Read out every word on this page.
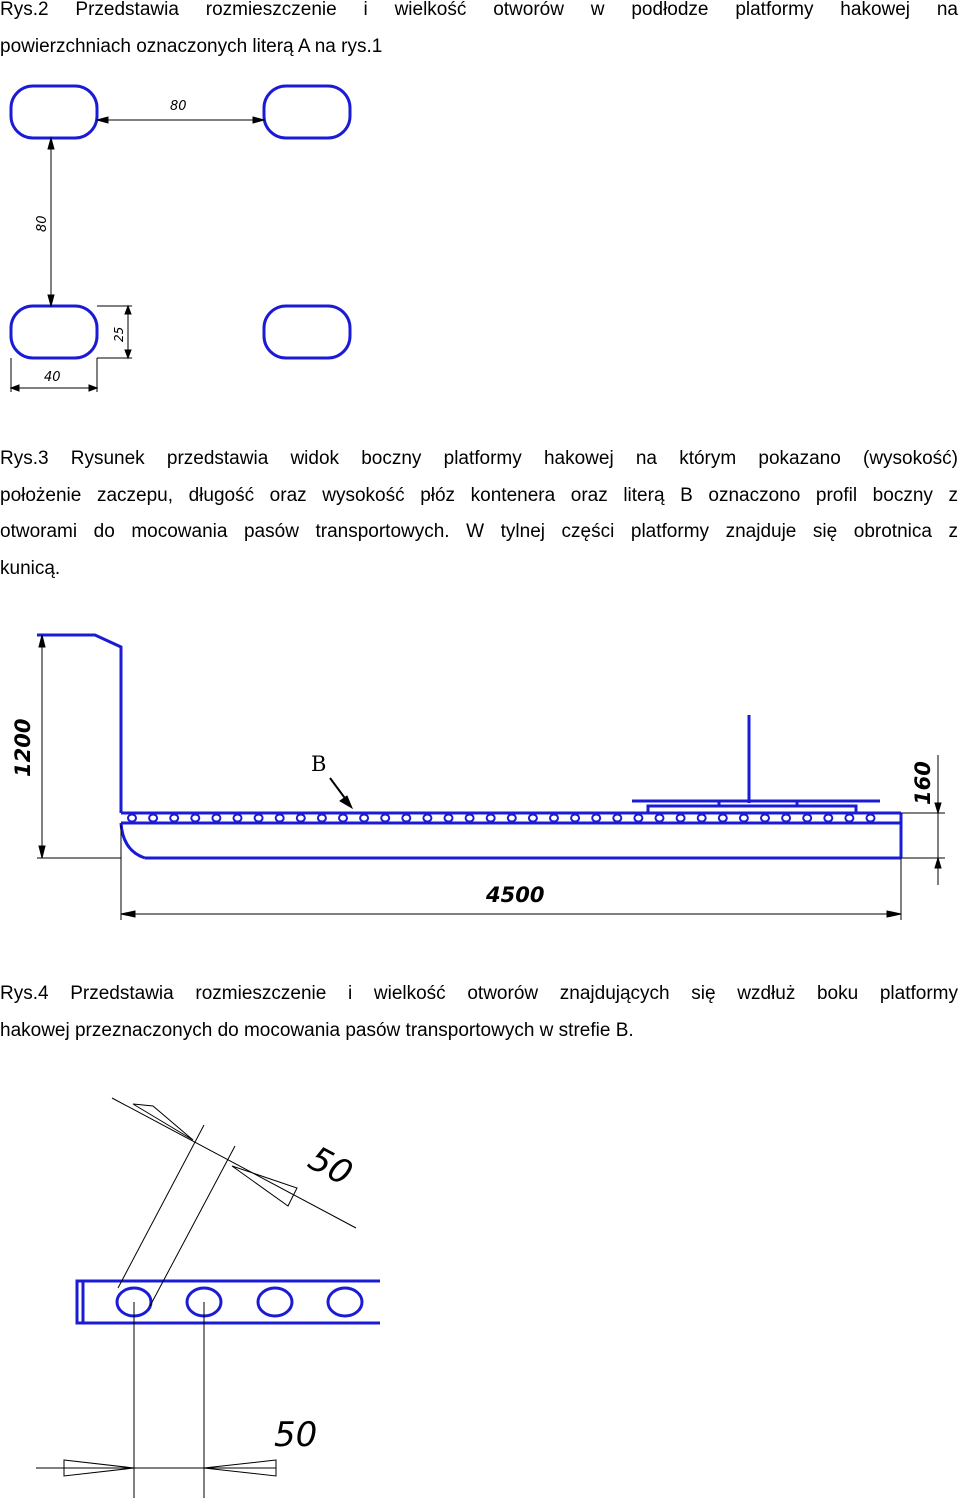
Rys.2 Przedstawia rozmieszczenie i wielkość otworów w podłodze platformy hakowej na
powierzchniach oznaczonych literą A na rys.1
80
80
25
40
Rys.3 Rysunek przedstawia widok boczny platformy hakowej na którym pokazano (wysokość)
położenie zaczepu, długość oraz wysokość płóz kontenera oraz literą B oznaczono profil boczny z
otworami do mocowania pasów transportowych. W tylnej części platformy znajduje się obrotnica z
kunicą.
1200
4500
160
B
Rys.4 Przedstawia rozmieszczenie i wielkość otworów znajdujących się wzdłuż boku platformy
hakowej przeznaczonych do mocowania pasów transportowych w strefie B.
50
50
